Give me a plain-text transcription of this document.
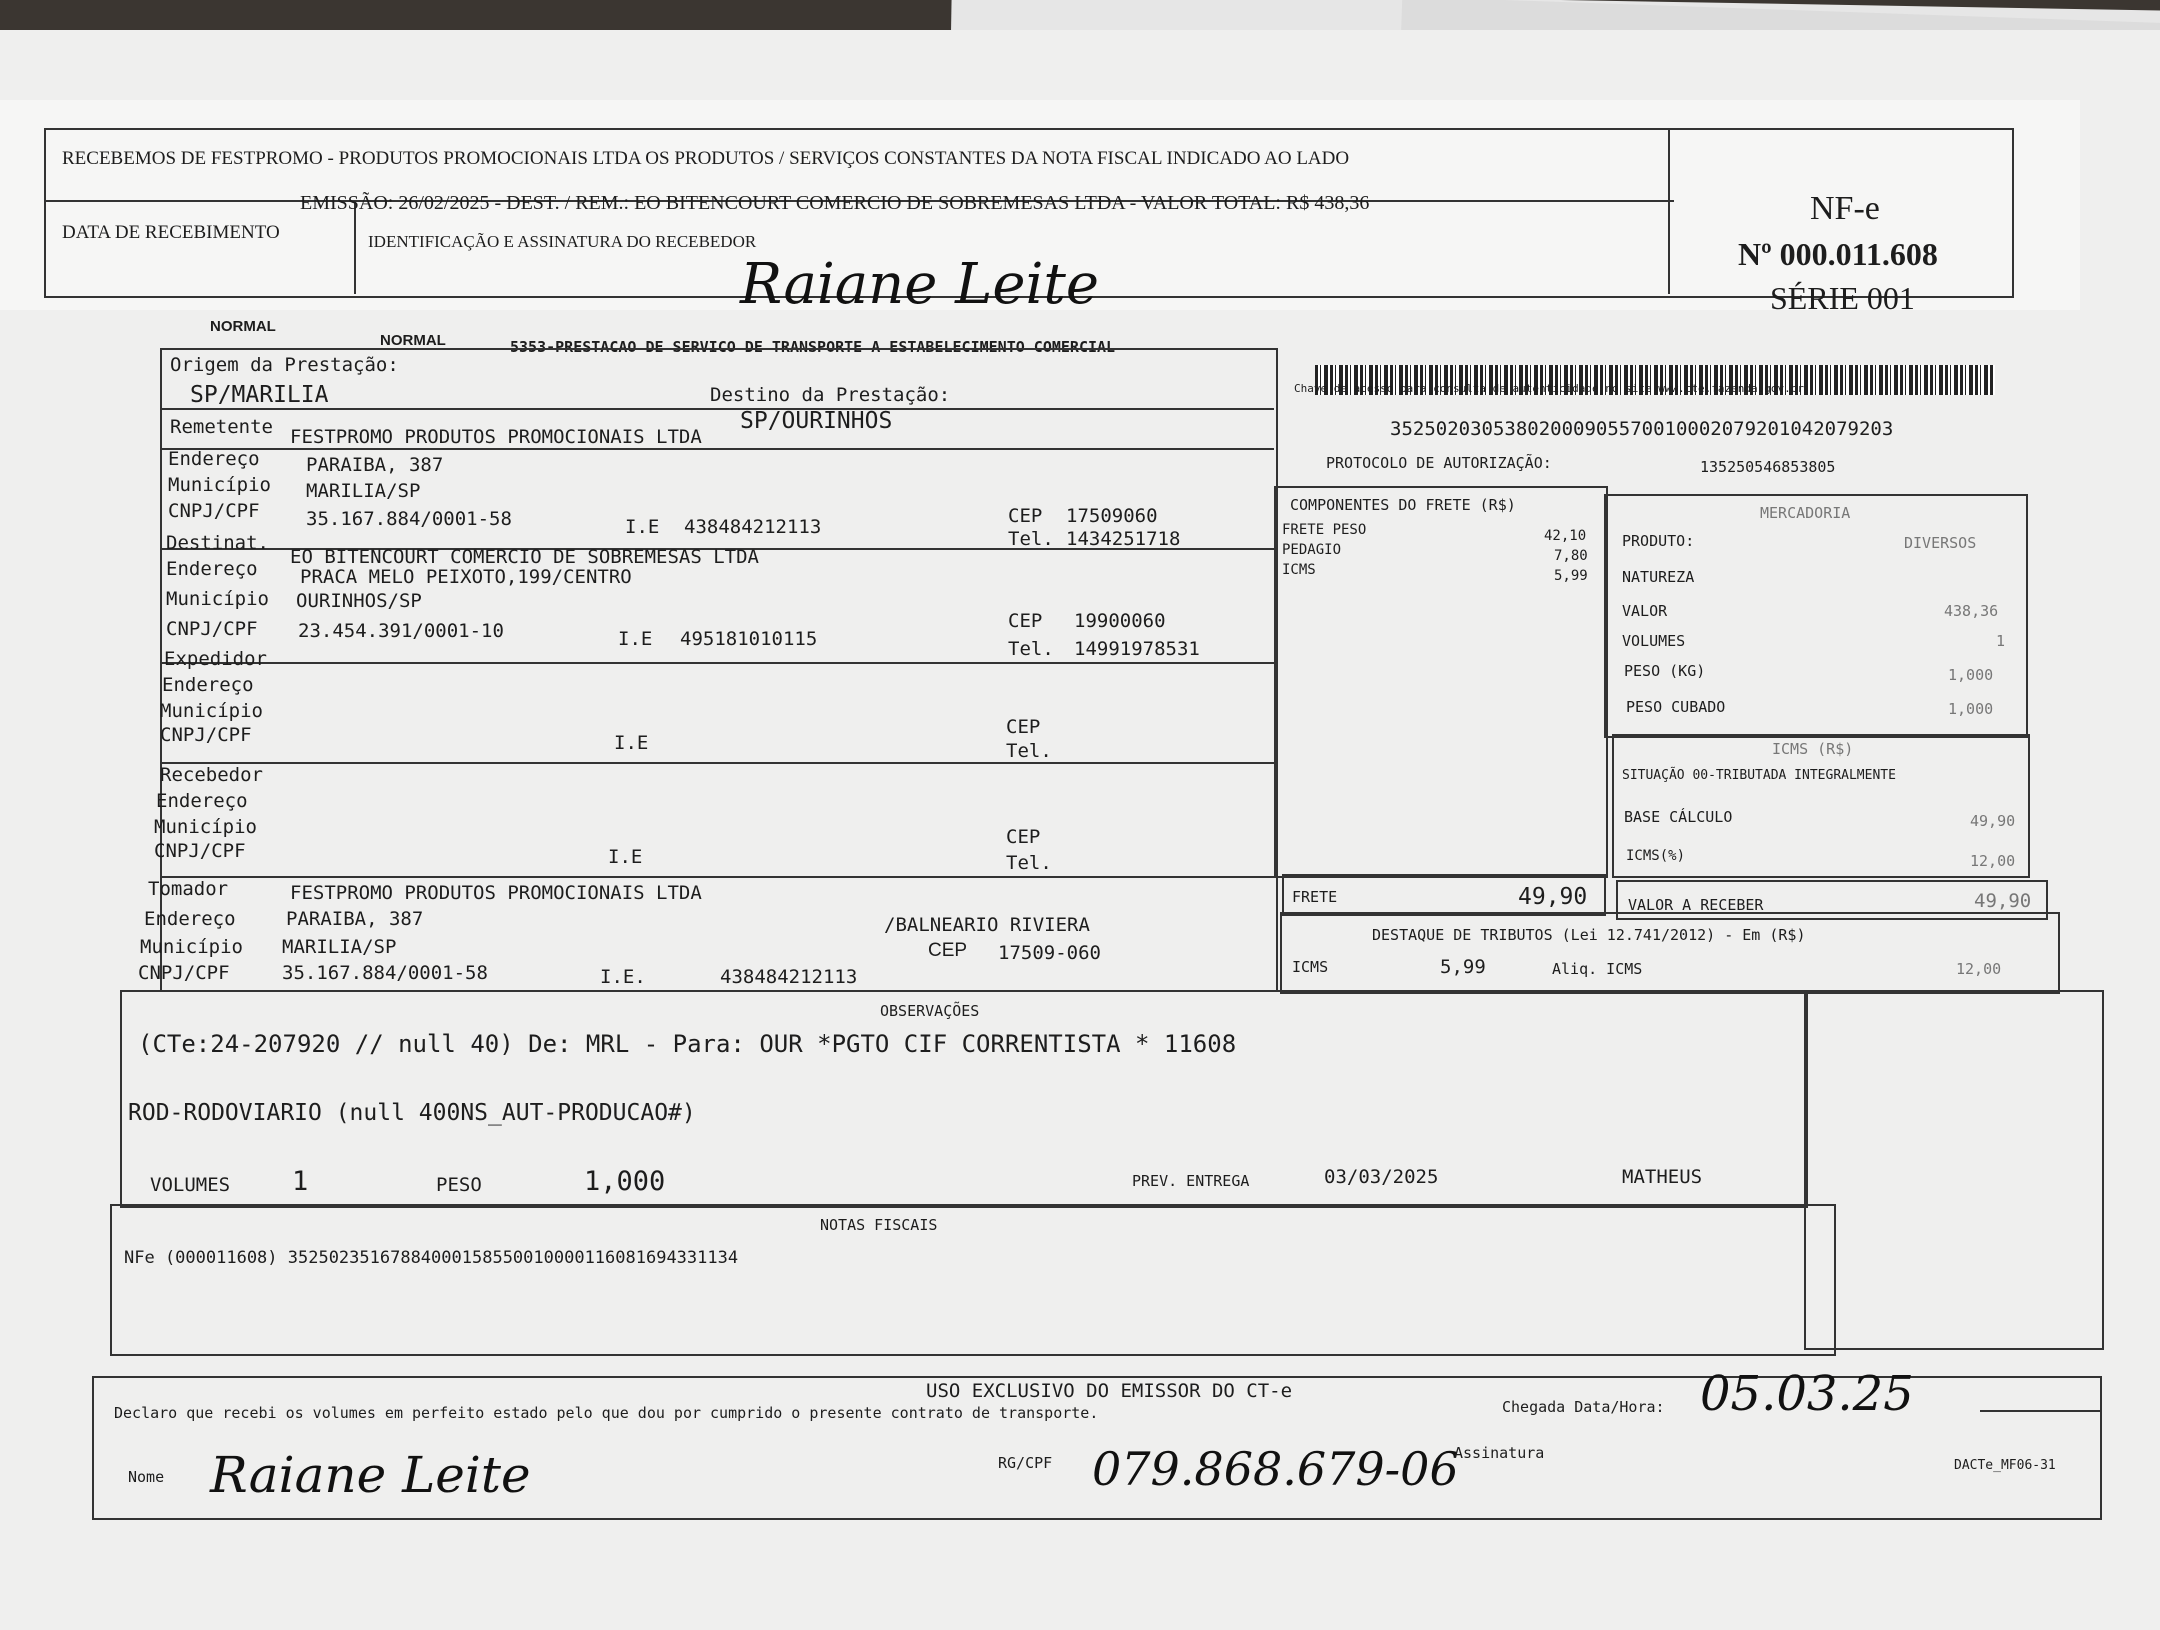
NORMAL
NORMAL	5353-PRESTACAO DE SERVICO DE TRANSPORTE A ESTABELECIMENTO COMERCIAL
Origem da Prestação:
SP/MARILIA	Destino da Prestação:
SP/OURINHOS
Remetente FESTPROMO PRODUTOS PROMOCIONAIS LTDA
Endereço PARAIBA, 387
Município MARILIA/SP
CNPJ/CPF 35.167.884/0001-58	I.E 438484212113	CEP 17509060
Tel. 1434251718
Destinat.
EO BITENCOURT COMERCIO DE SOBREMESAS LTDA
Endereço PRACA MELO PEIXOTO,199/CENTRO
Município OURINHOS/SP
CNPJ/CPF 23.454.391/0001-10	I.E 495181010115
CEP 19900060
Tel. 14991978531
Expedidor
Endereço
Município
CNPJ/CPF	I.E
CEP
Tel.
Recebedor
Endereço
Município
CNPJ/CPF	I.E
CEP
Tel.
Tomador	FESTPROMO PRODUTOS PROMOCIONAIS LTDA
Endereço	PARAIBA, 387	/BALNEARIO RIVIERA
Município MARILIA/SP	CEP 17509-060
CNPJ/CPF	35.167.884/0001-58	I.E.	438484212113
Chave de acesso para consulta de autenticidade no site www.cte.fazenda.gov.br
35250203053802000905570010002079201042079203
PROTOCOLO DE AUTORIZAÇÃO:	135250546853805
COMPONENTES DO FRETE (R$)
FRETE PESO	42,10
PEDAGIO	7,80
ICMS	5,99
FRETE	49,90
MERCADORIA
PRODUTO:	DIVERSOS
NATUREZA
VALOR	438,36
VOLUMES	1
PESO (KG)	1,000
PESO CUBADO	1,000
ICMS (R$)
SITUAÇÃO 00-TRIBUTADA INTEGRALMENTE
BASE CÁLCULO	49,90
ICMS(%)	12,00
VALOR A RECEBER	49,90
DESTAQUE DE TRIBUTOS (Lei 12.741/2012) - Em (R$)
ICMS	5,99	Aliq. ICMS	12,00
OBSERVAÇÕES
(CTe:24-207920 // null 40) De: MRL - Para: OUR *PGTO CIF CORRENTISTA * 11608
ROD-RODOVIARIO (null 400NS_AUT-PRODUCAO#)
VOLUMES 1	PESO	1,000	PREV. ENTREGA	03/03/2025	MATHEUS
NOTAS FISCAIS
NFe (000011608) 35250235167884000158550010000116081694331134
USO EXCLUSIVO DO EMISSOR DO CT-e
Declaro que recebi os volumes em perfeito estado pelo que dou por cumprido o presente contrato de transporte.	Chegada Data/Hora: 05.03.25
Nome Raiane Leite	RG/CPF 079.868.679-06
Assinatura
DACTe_MF06-31
RECEBEMOS DE FESTPROMO - PRODUTOS PROMOCIONAIS LTDA OS PRODUTOS / SERVIÇOS CONSTANTES DA NOTA FISCAL INDICADO AO LADO
EMISSÃO: 26/02/2025 - DEST. / REM.: EO BITENCOURT COMERCIO DE SOBREMESAS LTDA - VALOR TOTAL: R$ 438,36
DATA DE RECEBIMENTO	IDENTIFICAÇÃO E ASSINATURA DO RECEBEDOR
Raiane Leite
NF-e
Nº 000.011.608
SÉRIE 001
